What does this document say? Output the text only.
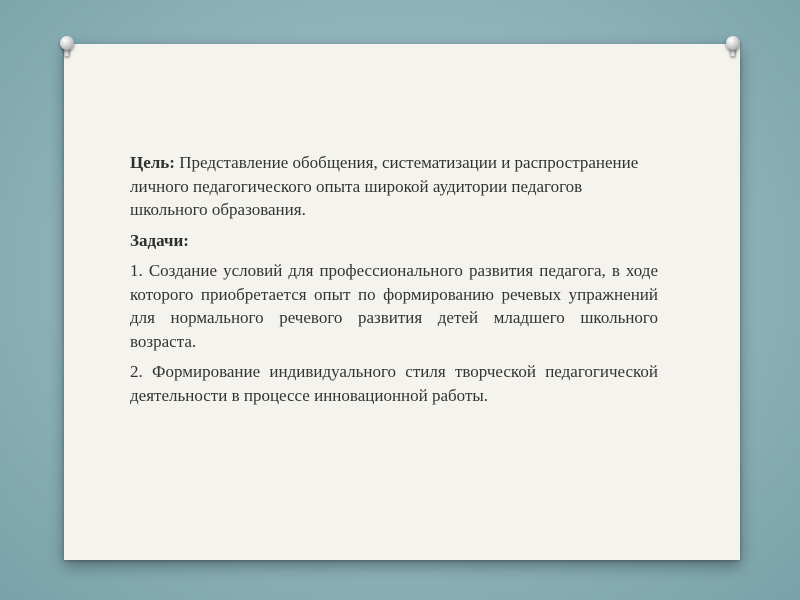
Цель: Представление обобщения, систематизации и распространение личного педагогического опыта широкой аудитории педагогов школьного образования.

Задачи:

1. Создание условий для профессионального развития педагога, в ходе которого приобретается опыт по формированию речевых упражнений для нормального речевого развития детей младшего школьного возраста.

2. Формирование индивидуального стиля творческой педагогической деятельности в процессе инновационной работы.
